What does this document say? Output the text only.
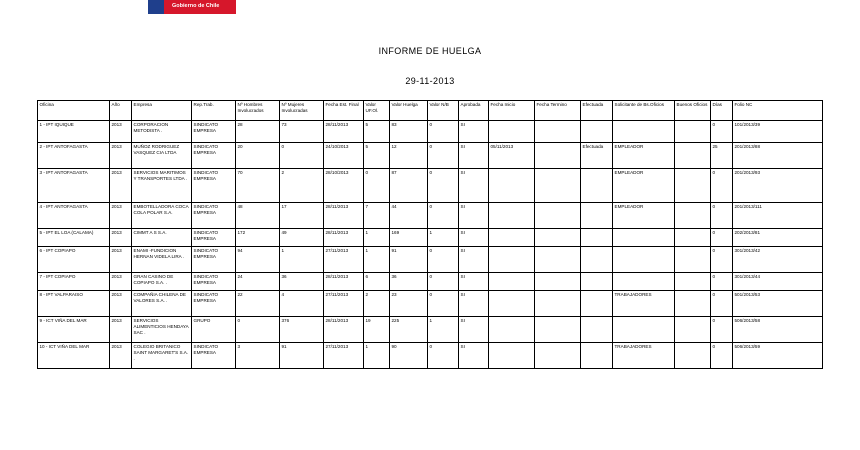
Gobierno de Chile
INFORME DE HUELGA
29-11-2013
Oficina	Año	Empresa	Rep.Trab.	Nº Hombres Involucrados	Nº Mujeres Involucradas	Fecha Est. Final	Valor UF.Ol.	Valor Huelga	Valor N/B	Aprobada	Fecha Inicio	Fecha Termino	Efectuada	Solicitante de Bs.Oficios	Buenos Oficios	Días	Folio NC
1 - IPT IQUIQUE	2013	CORPORACION METODISTA .	SINDICATO EMPRESA	28	73	28/11/2013	5	83	0	SI						0	101/2013/39
2 - IPT ANTOFAGASTA	2013	MUÑOZ RODRIGUEZ VASQUEZ CIA LTDA	SINDICATO EMPRESA	20	0	24/10/2013	5	12	0	SI	05/11/2013		Efectuada	EMPLEADOR		25	201/2013/88
3 - IPT ANTOFAGASTA	2013	SERVICIOS MARITIMOS Y TRANSPORTES LTDA .	SINDICATO EMPRESA	70	2	28/10/2013	0	87	0	SI				EMPLEADOR		0	201/2013/93
4 - IPT ANTOFAGASTA	2013	EMBOTELLADORA COCA COLA POLAR S.A.	SINDICATO EMPRESA	48	17	28/11/2013	7	44	0	SI				EMPLEADOR		0	201/2013/111
5 - IPT EL LOA (CALAMA)	2013	CIMMT A S S.A.	SINDICATO EMPRESA	172	49	28/11/2013	1	169	1	SI						0	202/2013/81
6 - IPT COPIAPO	2013	ENAMI -FUNDICION HERNAN VIDELA LIRA .	SINDICATO EMPRESA	94	1	27/11/2013	1	91	0	SI						0	301/2013/42
7 - IPT COPIAPO	2013	GRAN CASINO DE COPIAPO S.A. .	SINDICATO EMPRESA	24	36	28/11/2013	6	36	0	SI						0	301/2013/44
8 - IPT VALPARAISO	2013	COMPAÑIA CHILENA DE VALORES S.A. .	SINDICATO EMPRESA	22	4	27/11/2013	2	23	0	SI				TRABAJADORES		0	501/2013/53
9 - ICT VIÑA DEL MAR	2013	SERVICIOS ALIMENTICIOS HENDAYA SAC .	GRUPO	0	376	28/11/2013	19	225	1	SI						0	506/2013/58
10 - ICT VIÑA DEL MAR	2013	COLEGIO BRITANICO SAINT MARGARET'S S.A. .	SINDICATO EMPRESA	3	91	27/11/2013	1	90	0	SI				TRABAJADORES		0	506/2013/59
